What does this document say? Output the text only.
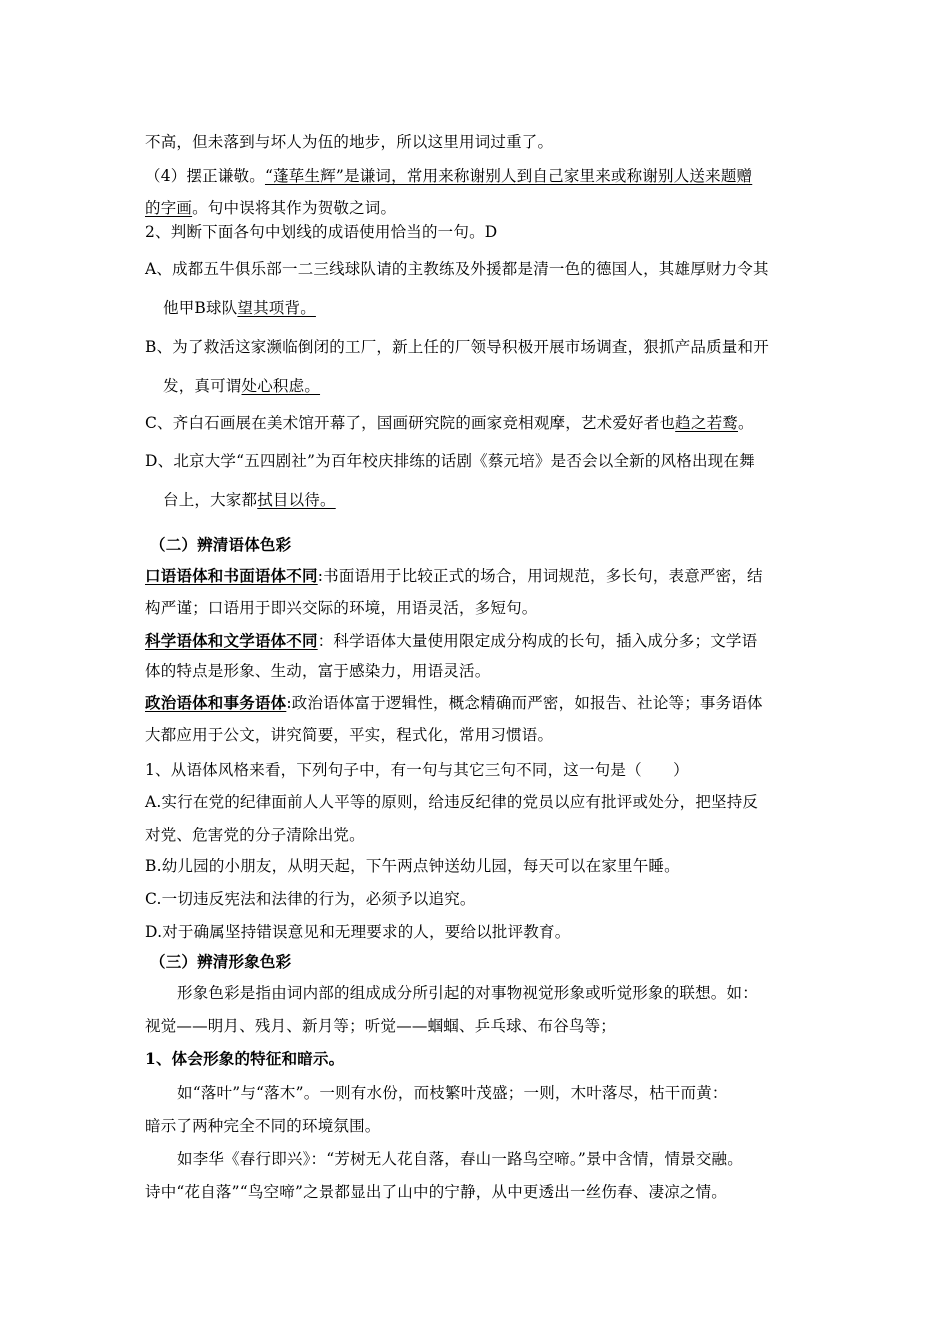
不高，但未落到与坏人为伍的地步，所以这里用词过重了。
（4）摆正谦敬。“蓬荜生辉”是谦词，常用来称谢别人到自己家里来或称谢别人送来题赠
的字画。句中误将其作为贺敬之词。
2、判断下面各句中划线的成语使用恰当的一句。D
A、成都五牛俱乐部一二三线球队请的主教练及外援都是清一色的德国人，其雄厚财力令其
他甲B球队望其项背。
B、为了救活这家濒临倒闭的工厂，新上任的厂领导积极开展市场调查，狠抓产品质量和开
发，真可谓处心积虑。
C、齐白石画展在美术馆开幕了，国画研究院的画家竞相观摩，艺术爱好者也趋之若鹜。
D、北京大学“五四剧社”为百年校庆排练的话剧《蔡元培》是否会以全新的风格出现在舞
台上，大家都拭目以待。
（二）辨清语体色彩
口语语体和书面语体不同:书面语用于比较正式的场合，用词规范，多长句，表意严密，结
构严谨；口语用于即兴交际的环境，用语灵活，多短句。
科学语体和文学语体不同：科学语体大量使用限定成分构成的长句，插入成分多；文学语
体的特点是形象、生动，富于感染力，用语灵活。
政治语体和事务语体:政治语体富于逻辑性，概念精确而严密，如报告、社论等；事务语体
大都应用于公文，讲究简要，平实，程式化，常用习惯语。
1、从语体风格来看，下列句子中，有一句与其它三句不同，这一句是（　　）
A.实行在党的纪律面前人人平等的原则，给违反纪律的党员以应有批评或处分，把坚持反
对党、危害党的分子清除出党。
B.幼儿园的小朋友，从明天起，下午两点钟送幼儿园，每天可以在家里午睡。
C.一切违反宪法和法律的行为，必须予以追究。
D.对于确属坚持错误意见和无理要求的人，要给以批评教育。
（三）辨清形象色彩
形象色彩是指由词内部的组成成分所引起的对事物视觉形象或听觉形象的联想。如：
视觉——明月、残月、新月等；听觉——蝈蝈、乒乓球、布谷鸟等；
1、体会形象的特征和暗示。
如“落叶”与“落木”。一则有水份，而枝繁叶茂盛；一则，木叶落尽，枯干而黄：
暗示了两种完全不同的环境氛围。
如李华《春行即兴》：“芳树无人花自落，春山一路鸟空啼。”景中含情，情景交融。
诗中“花自落”“鸟空啼”之景都显出了山中的宁静，从中更透出一丝伤春、凄凉之情。
